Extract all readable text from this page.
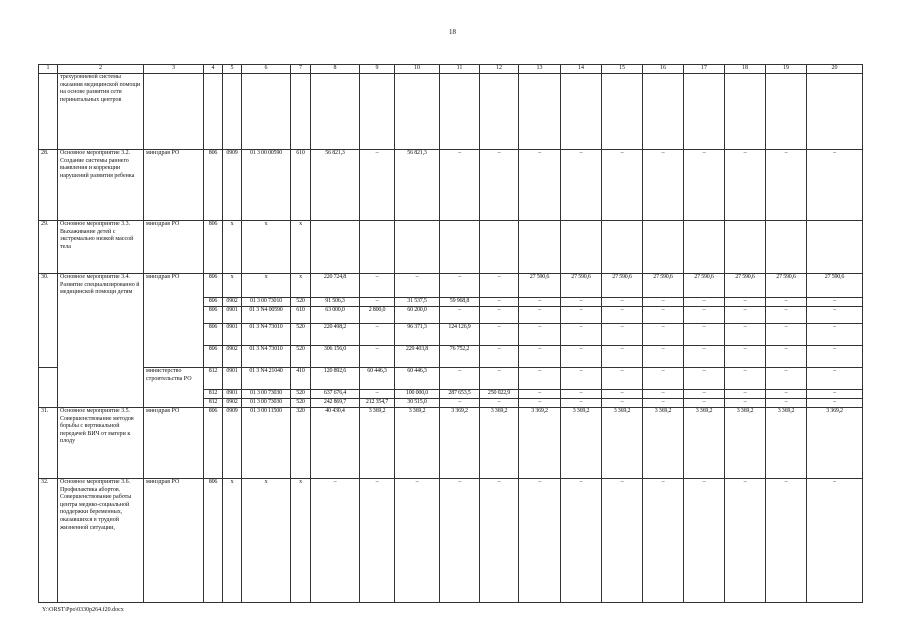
18
1	2	3	4	5	6	7	8	9	10	11	12	13	14	15	16	17	18	19	20
	трехуровневой системы оказания медицинской помощи на основе развития сети перинатальных центров																		
28.	Основное мероприятие 3.2. Создание системы раннего выявления и коррекции нарушений развития ребенка	минздрав РО	806	0909	01 3 00 00590	610	56 821,3	–	56 821,3	–	–	–	–	–	–	–	–	–	–
29.	Основное мероприятие 3.3. Выхаживание детей с экстремально низкой массой тела	минздрав РО	806	х	х	х													
30.	Основное мероприятие 3.4. Развитие специализированно й медицинской помощи детям	минздрав РО	806	х	х	х	220 724,8	–	–	–	–	27 590,6	27 590,6	27 590,6	27 590,6	27 590,6	27 590,6	27 590,6	27 590,6
			806	0902	01 3 00 73010	520	91 506,3	–	31 537,5	59 968,8	–	–	–	–	–	–	–	–	–
			806	0901	01 3 N4 00590	610	63 000,0	2 800,0	60 200,0	–	–	–	–	–	–	–	–	–	–
			806	0901	01 3 N4 73010	520	220 498,2	–	96 371,3	124 126,9	–	–	–	–	–	–	–	–	–
			806	0902	01 3 N4 73010	520	306 156,0	–	229 403,8	76 752,2	–	–	–	–	–	–	–	–	–
		министерство строительства РО	812	0901	01 3 N4 21040	410	120 892,6	60 446,3	60 446,3	–	–	–	–	–	–	–	–	–	–
			812	0901	01 3 00 73030	520	637 676,4	–	100 000,0	287 653,5	250 022,9	–	–	–	–	–	–	–	–
			812	0902	01 3 00 73030	520	242 869,7	212 354,7	30 515,0	–	–	–	–	–	–	–	–	–	–
31.	Основное мероприятие 3.5. Совершенствование методов борьбы с вертикальной передачей ВИЧ от матери к плоду	минздрав РО	806	0909	01 3 00 11500	320	40 430,4	3 369,2	3 369,2	3 369,2	3 369,2	3 369,2	3 369,2	3 369,2	3 369,2	3 369,2	3 369,2	3 369,2	3 369,2
32.	Основное мероприятие 3.6. Профилактика абортов. Совершенствование работы центра медико-социальной поддержки беременных, оказавшихся в трудной жизненной ситуации,	минздрав РО	806	х	х	х	–	–	–	–	–	–	–	–	–	–	–	–	–
Y:\ORST\Ppo\0330p264.f20.docx
